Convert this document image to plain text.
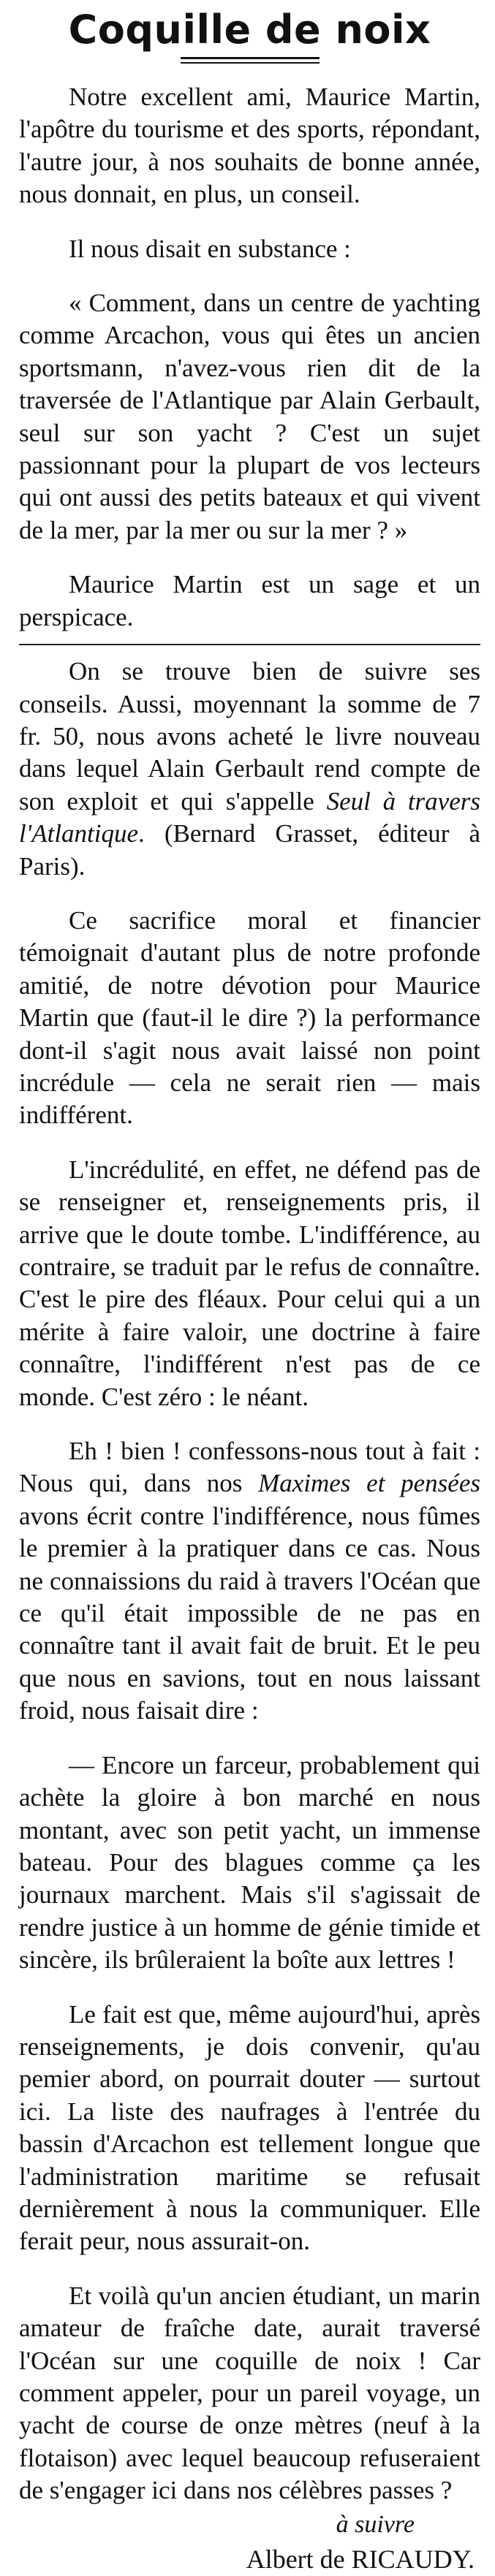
Coquille de noix

Notre excellent ami, Maurice Martin, l'apôtre du tourisme et des sports, répondant, l'autre jour, à nos souhaits de bonne année, nous donnait, en plus, un conseil.

Il nous disait en substance :

« Comment, dans un centre de yachting comme Arcachon, vous qui êtes un ancien sportsmann, n'avez-vous rien dit de la traversée de l'Atlantique par Alain Gerbault, seul sur son yacht ? C'est un sujet passionnant pour la plupart de vos lecteurs qui ont aussi des petits bateaux et qui vivent de la mer, par la mer ou sur la mer ? »

Maurice Martin est un sage et un perspicace.

On se trouve bien de suivre ses conseils. Aussi, moyennant la somme de 7 fr. 50, nous avons acheté le livre nouveau dans lequel Alain Gerbault rend compte de son exploit et qui s'appelle Seul à travers l'Atlantique. (Bernard Grasset, éditeur à Paris).

Ce sacrifice moral et financier témoignait d'autant plus de notre profonde amitié, de notre dévotion pour Maurice Martin que (faut-il le dire ?) la performance dont-il s'agit nous avait laissé non point incrédule — cela ne serait rien — mais indifférent.

L'incrédulité, en effet, ne défend pas de se renseigner et, renseignements pris, il arrive que le doute tombe. L'indifférence, au contraire, se traduit par le refus de connaître. C'est le pire des fléaux. Pour celui qui a un mérite à faire valoir, une doctrine à faire connaître, l'indifférent n'est pas de ce monde. C'est zéro : le néant.

Eh ! bien ! confessons-nous tout à fait : Nous qui, dans nos Maximes et pensées avons écrit contre l'indifférence, nous fûmes le premier à la pratiquer dans ce cas. Nous ne connaissions du raid à travers l'Océan que ce qu'il était impossible de ne pas en connaître tant il avait fait de bruit. Et le peu que nous en savions, tout en nous laissant froid, nous faisait dire :

— Encore un farceur, probablement qui achète la gloire à bon marché en nous montant, avec son petit yacht, un immense bateau. Pour des blagues comme ça les journaux marchent. Mais s'il s'agissait de rendre justice à un homme de génie timide et sincère, ils brûleraient la boîte aux lettres !

Le fait est que, même aujourd'hui, après renseignements, je dois convenir, qu'au pemier abord, on pourrait douter — surtout ici. La liste des naufrages à l'entrée du bassin d'Arcachon est tellement longue que l'administration maritime se refusait dernièrement à nous la communiquer. Elle ferait peur, nous assurait-on.

Et voilà qu'un ancien étudiant, un marin amateur de fraîche date, aurait traversé l'Océan sur une coquille de noix ! Car comment appeler, pour un pareil voyage, un yacht de course de onze mètres (neuf à la flotaison) avec lequel beaucoup refuseraient de s'engager ici dans nos célèbres passes ?

à suivre
Albert de RICAUDY.
